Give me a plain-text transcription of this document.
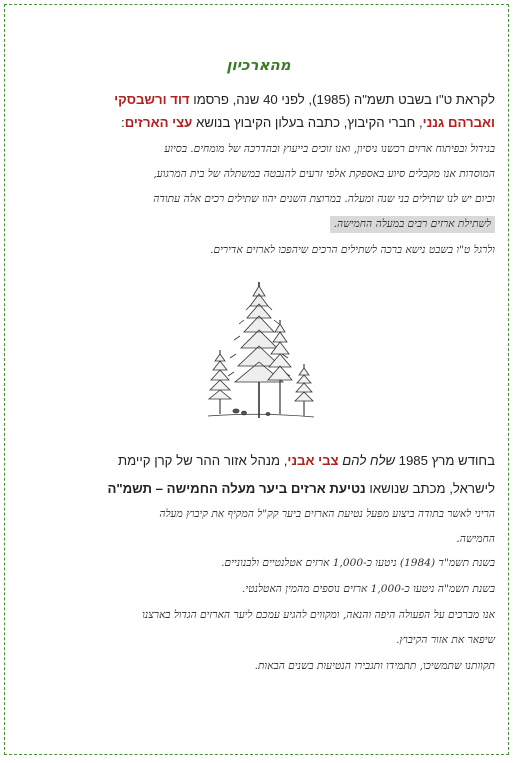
מהארכיון
לקראת ט"ו בשבט תשמ"ה (1985), לפני 40 שנה, פרסמו דוד ורשבסקי
ואברהם גנני, חברי הקיבוץ, כתבה בעלון הקיבוץ בנושא עצי הארזים:
בגידול ובפיתוח ארזים רכשנו ניסיון, ואנו זוכים בייעוץ ובהדרכה של מומחים. בסיוע
המוסדות אנו מקבלים סיוע באספקת אלפי זרעים להנבטה במשתלה של בית המרגוע,
וכיום יש לנו שתילים בני שנה ומעלה. במרוצת השנים יהוו שתילים רכים אלה עתודה
לשתילת ארזים רבים במעלה החמישה.
ולרגל ט"ו בשבט נישא ברכה לשתילים הרכים שיהפכו לארזים אדירים.
בחודש מרץ 1985 שלח להם צבי אבני, מנהל אזור ההר של קרן קיימת
לישראל, מכתב שנושאו נטיעת ארזים ביער מעלה החמישה – תשמ"ה
הריני לאשר בתודה ביצוע מפעל נטיעת הארזים ביער קק"ל המקיף את קיבוץ מעלה
החמישה.
בשנת תשמ"ד (1984) ניטעו כ-1,000 ארזים אטלנטיים ולבנוניים.
בשנת תשמ"ה ניטעו כ-1,000 ארזים נוספים מהמין האטלנטי.
אנו מברכים על הפעולה היפה והנאה, ומקווים להגיע עמכם ליער הארזים הגדול בארצנו
שיפאר את אזור הקיבוץ.
תקוותנו שתמשיכו, תתמידו ותגבירו הנטיעות בשנים הבאות.
